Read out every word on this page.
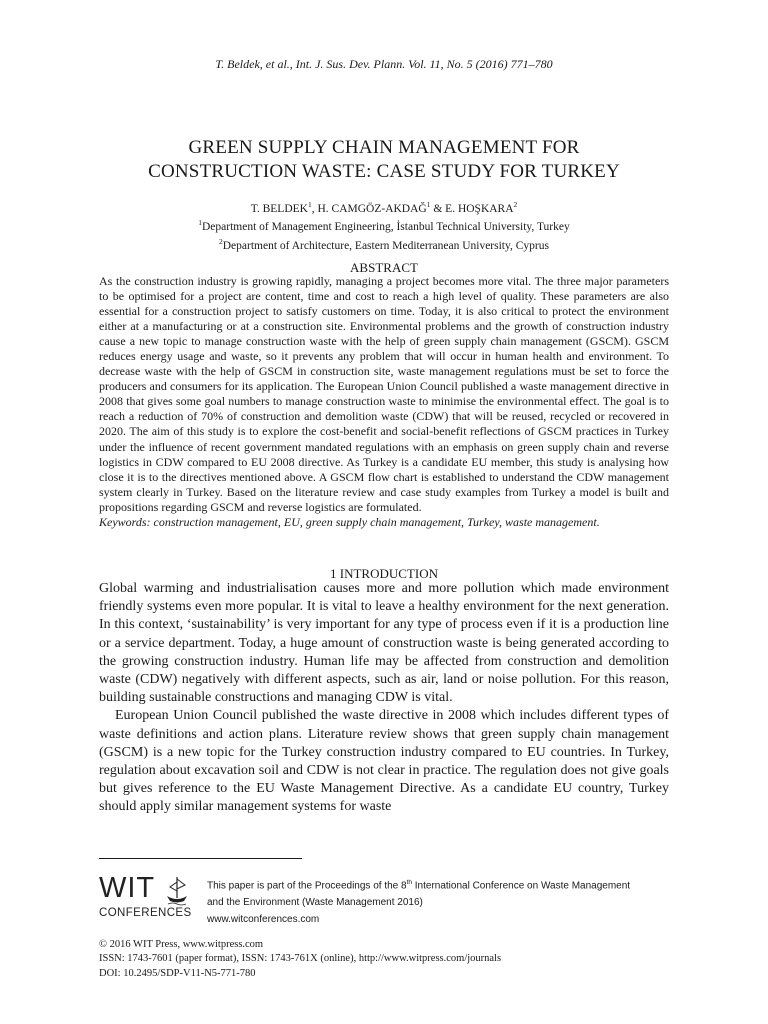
T. Beldek, et al., Int. J. Sus. Dev. Plann. Vol. 11, No. 5 (2016) 771–780
GREEN SUPPLY CHAIN MANAGEMENT FOR
CONSTRUCTION WASTE: CASE STUDY FOR TURKEY
T. BELDEK$^1$, H. CAMGÖZ-AKDAĞ$^1$ & E. HOŞKARA$^2$
$^1$Department of Management Engineering, İstanbul Technical University, Turkey
$^2$Department of Architecture, Eastern Mediterranean University, Cyprus
ABSTRACT
As the construction industry is growing rapidly, managing a project becomes more vital. The three major parameters to be optimised for a project are content, time and cost to reach a high level of quality. These parameters are also essential for a construction project to satisfy customers on time. Today, it is also critical to protect the environment either at a manufacturing or at a construction site. Environmental problems and the growth of construction industry cause a new topic to manage construction waste with the help of green supply chain management (GSCM). GSCM reduces energy usage and waste, so it prevents any problem that will occur in human health and environment. To decrease waste with the help of GSCM in construction site, waste management regulations must be set to force the producers and consumers for its application. The European Union Council published a waste management directive in 2008 that gives some goal numbers to manage construction waste to minimise the environmental effect. The goal is to reach a reduction of 70% of construction and demolition waste (CDW) that will be reused, recycled or recovered in 2020. The aim of this study is to explore the cost-benefit and social-benefit reflections of GSCM practices in Turkey under the influence of recent government mandated regulations with an emphasis on green supply chain and reverse logistics in CDW compared to EU 2008 directive. As Turkey is a candidate EU member, this study is analysing how close it is to the directives mentioned above. A GSCM flow chart is established to understand the CDW management system clearly in Turkey. Based on the literature review and case study examples from Turkey a model is built and propositions regarding GSCM and reverse logistics are formulated.
Keywords: construction management, EU, green supply chain management, Turkey, waste management.
1 INTRODUCTION

Global warming and industrialisation causes more and more pollution which made environment friendly systems even more popular. It is vital to leave a healthy environment for the next generation. In this context, ‘sustainability’ is very important for any type of process even if it is a production line or a service department. Today, a huge amount of construction waste is being generated according to the growing construction industry. Human life may be affected from construction and demolition waste (CDW) negatively with different aspects, such as air, land or noise pollution. For this reason, building sustainable constructions and managing CDW is vital.

European Union Council published the waste directive in 2008 which includes different types of waste definitions and action plans. Literature review shows that green supply chain management (GSCM) is a new topic for the Turkey construction industry compared to EU countries. In Turkey, regulation about excavation soil and CDW is not clear in practice. The regulation does not give goals but gives reference to the EU Waste Management Directive. As a candidate EU country, Turkey should apply similar management systems for waste

WIT
CONFERENCES
This paper is part of the Proceedings of the 8th International Conference on Waste Management
and the Environment (Waste Management 2016)
www.witconferences.com
© 2016 WIT Press, www.witpress.com
ISSN: 1743-7601 (paper format), ISSN: 1743-761X (online), http://www.witpress.com/journals
DOI: 10.2495/SDP-V11-N5-771-780
